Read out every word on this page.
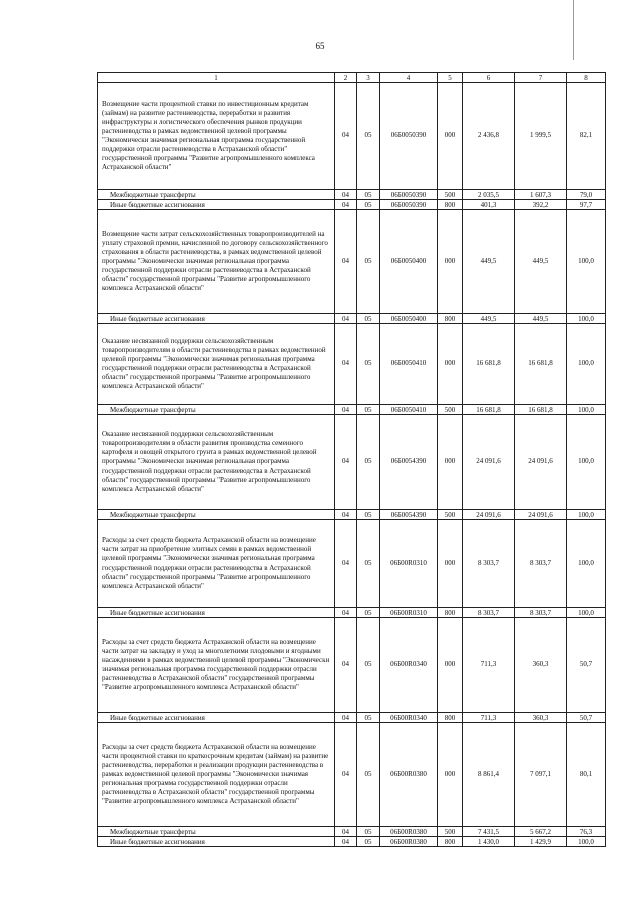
65
1	2	3	4	5	6	7	8
Возмещение части процентной ставки по инвестиционным кредитам (займам) на развитие растениеводства, переработки и развития инфраструктуры и логистического обеспечения рынков продукции растениеводства в рамках ведомственной целевой программы "Экономически значимая региональная программа государственной поддержки отрасли растениеводства в Астраханской области" государственной программы "Развитие агропромышленного комплекса Астраханской области"	04	05	06Б0050390	000	2 436,8	1 999,5	82,1
Межбюджетные трансферты	04	05	06Б0050390	500	2 035,5	1 607,3	79,0
Иные бюджетные ассигнования	04	05	06Б0050390	800	401,3	392,2	97,7
Возмещение части затрат сельскохозяйственных товаропроизводителей на уплату страховой премии, начисленной по договору сельскохозяйственного страхования в области растениеводства, в рамках ведомственной целевой программы "Экономически значимая региональная программа государственной поддержки отрасли растениеводства в Астраханской области" государственной программы "Развитие агропромышленного комплекса Астраханской области"	04	05	06Б0050400	000	449,5	449,5	100,0
Иные бюджетные ассигнования	04	05	06Б0050400	800	449,5	449,5	100,0
Оказание несвязанной поддержки сельскохозяйственным товаропроизводителям в области растениеводства в рамках ведомственной целевой программы "Экономически значимая региональная программа государственной поддержки отрасли растениеводства в Астраханской области" государственной программы "Развитие агропромышленного комплекса Астраханской области"	04	05	06Б0050410	000	16 681,8	16 681,8	100,0
Межбюджетные трансферты	04	05	06Б0050410	500	16 681,8	16 681,8	100,0
Оказание несвязанной поддержки сельскохозяйственным товаропроизводителям в области развития производства семенного картофеля и овощей открытого грунта в рамках ведомственной целевой программы "Экономически значимая региональная программа государственной поддержки отрасли растениеводства в Астраханской области" государственной программы "Развитие агропромышленного комплекса Астраханской области"	04	05	06Б0054390	000	24 091,6	24 091,6	100,0
Межбюджетные трансферты	04	05	06Б0054390	500	24 091,6	24 091,6	100,0
Расходы за счет средств бюджета Астраханской области на возмещение части затрат на приобретение элитных семян в рамках ведомственной целевой программы "Экономически значимая региональная программа государственной поддержки отрасли растениеводства в Астраханской области" государственной программы "Развитие агропромышленного комплекса Астраханской области"	04	05	06Б00R0310	000	8 303,7	8 303,7	100,0
Иные бюджетные ассигнования	04	05	06Б00R0310	800	8 303,7	8 303,7	100,0
Расходы за счет средств бюджета Астраханской области на возмещение части затрат на закладку и уход за многолетними плодовыми и ягодными насаждениями в рамках ведомственной целевой программы "Экономически значимая региональная программа государственной поддержки отрасли растениеводства в Астраханской области" государственной программы "Развитие агропромышленного комплекса Астраханской области"	04	05	06Б00R0340	000	711,3	360,3	50,7
Иные бюджетные ассигнования	04	05	06Б00R0340	800	711,3	360,3	50,7
Расходы за счет средств бюджета Астраханской области на возмещение части процентной ставки по краткосрочным кредитам (займам) на развитие растениеводства, переработки и реализации продукции растениеводства в рамках ведомственной целевой программы "Экономически значимая региональная программа государственной поддержки отрасли растениеводства в Астраханской области" государственной программы "Развитие агропромышленного комплекса Астраханской области"	04	05	06Б00R0380	000	8 861,4	7 097,1	80,1
Межбюджетные трансферты	04	05	06Б00R0380	500	7 431,5	5 667,2	76,3
Иные бюджетные ассигнования	04	05	06Б00R0380	800	1 430,0	1 429,9	100,0
